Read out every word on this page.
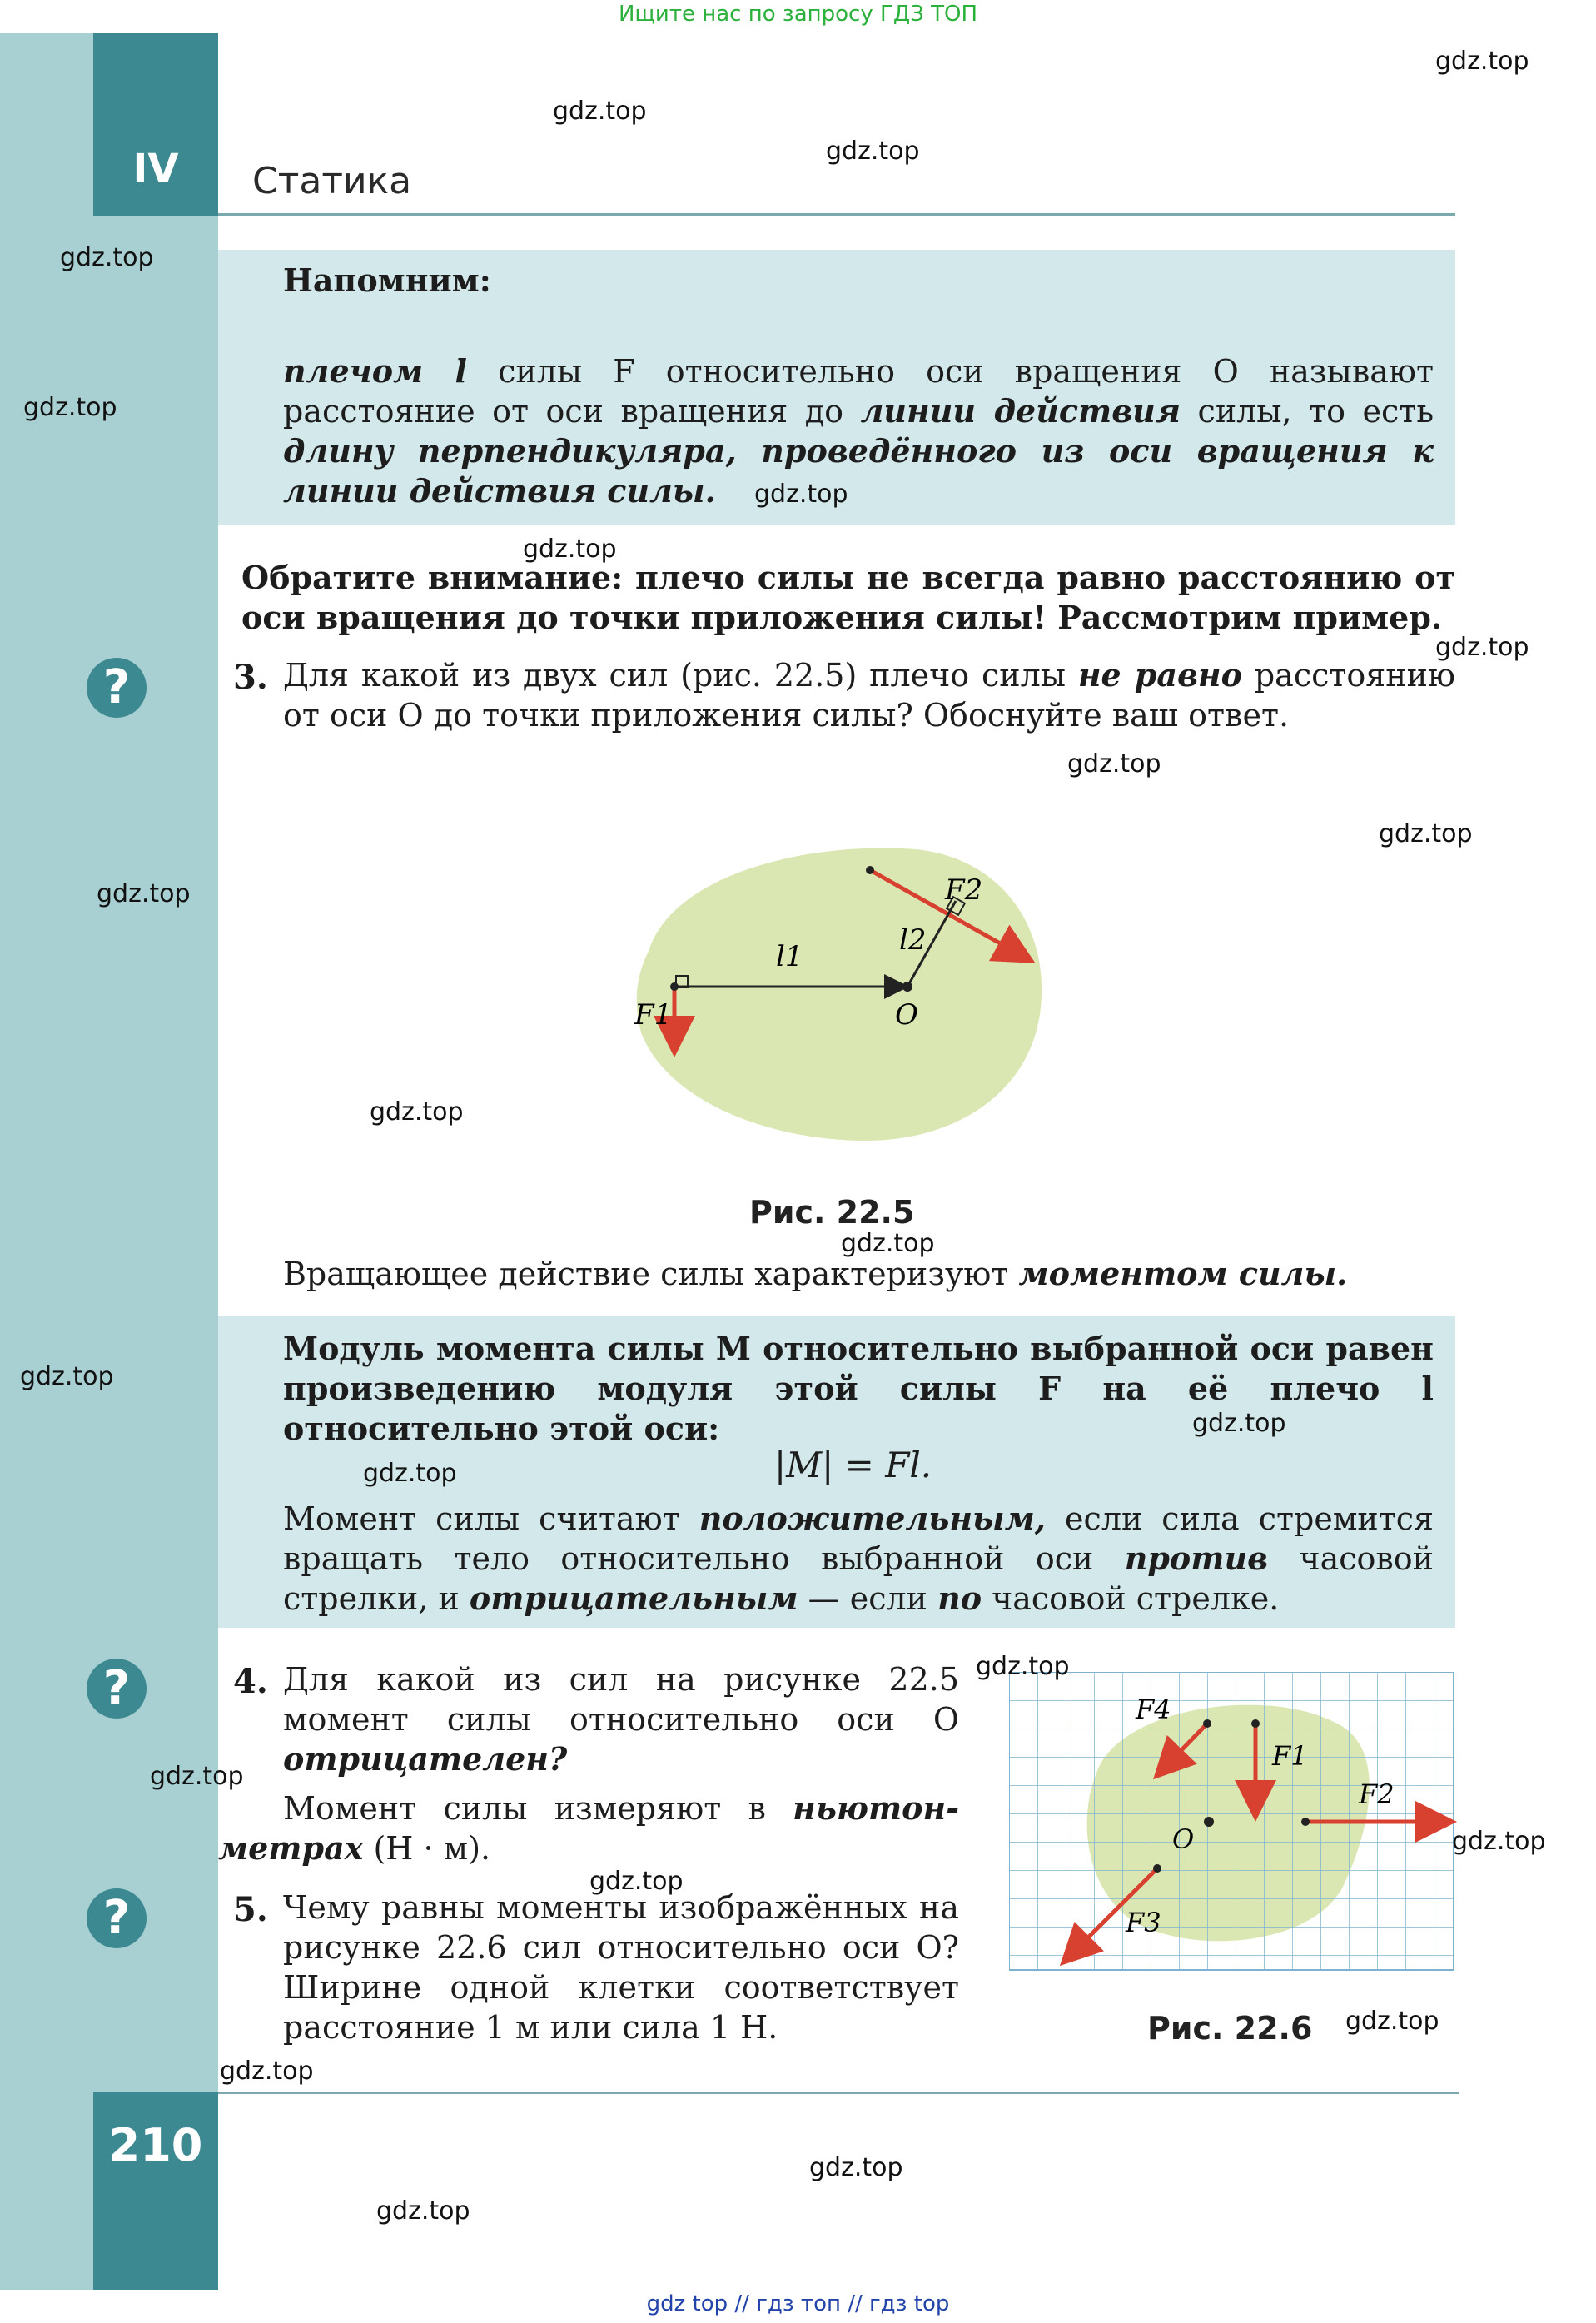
Ищите нас по запросу ГДЗ ТОП
IV	Статика
Напомним:
плечом l силы F относительно оси вращения O называют расстояние от оси вращения до линии действия силы, то есть длину перпендикуляра, проведённого из оси вращения к линии действия силы.
Обратите внимание: плечо силы не всегда равно расстоянию от оси вращения до точки приложения силы! Рассмотрим пример.
?	3. Для какой из двух сил (рис. 22.5) плечо силы не равно расстоянию от оси O до точки приложения силы? Обоснуйте ваш ответ.
F2
l2
l1
F1	O
Рис. 22.5
Вращающее действие силы характеризуют моментом силы.
Модуль момента силы M относительно выбранной оси равен произведению модуля этой силы F на её плечо l относительно этой оси:
|M| = Fl.
Момент силы считают положительным, если сила стремится вращать тело относительно выбранной оси против часовой стрелки, и отрицательным — если по часовой стрелке.
?	4. Для какой из сил на рисунке 22.5 момент силы относительно оси O отрицателен?
Момент силы измеряют в ньютон-метрах (Н · м).
?	5. Чему равны моменты изображённых на рисунке 22.6 сил относительно оси O? Ширине одной клетки соответствует расстояние 1 м или сила 1 Н.
F4
F1
F2
O
F3
Рис. 22.6
210
gdz.top
gdz.top
gdz.top
gdz.top
gdz.top
gdz.top
gdz.top
gdz.top
gdz.top
gdz.top
gdz.top
gdz.top
gdz.top
gdz.top
gdz.top
gdz.top
gdz.top
gdz.top
gdz.top
gdz.top
gdz.top
gdz.top
gdz.top
gdz.top
gdz top // гдз топ // гдз top
